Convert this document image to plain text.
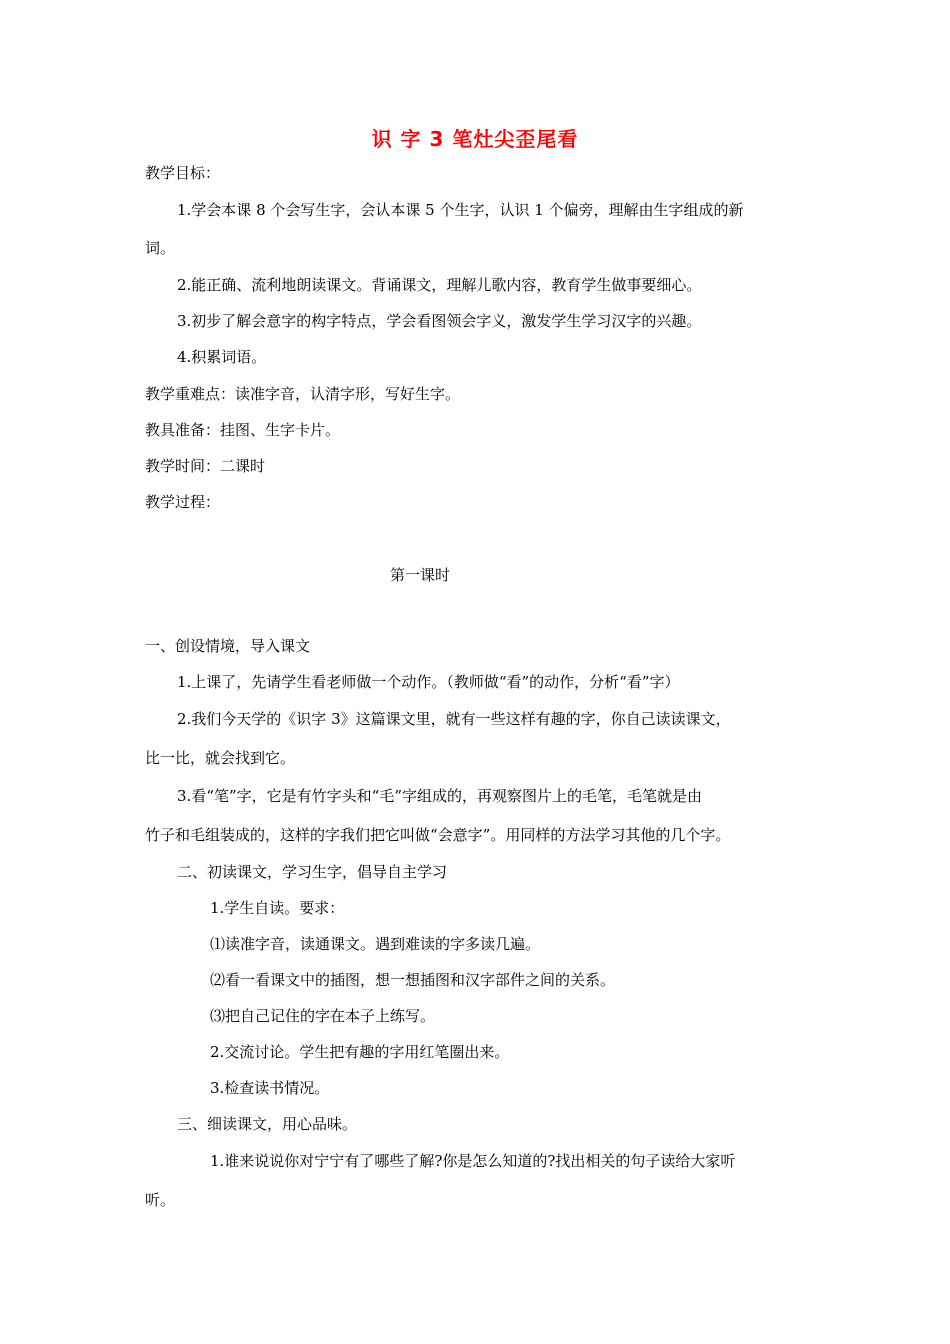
识 字 3 笔灶尖歪尾看
教学目标：
1.学会本课 8 个会写生字，会认本课 5 个生字，认识 1 个偏旁，理解由生字组成的新
词。
2.能正确、流利地朗读课文。背诵课文，理解儿歌内容，教育学生做事要细心。
3.初步了解会意字的构字特点，学会看图领会字义，激发学生学习汉字的兴趣。
4.积累词语。
教学重难点：读准字音，认清字形，写好生字。
教具准备：挂图、生字卡片。
教学时间：二课时
教学过程：
第一课时
一、创设情境，导入课文
1.上课了，先请学生看老师做一个动作。（教师做“看”的动作，分析“看”字）
2.我们今天学的《识字 3》这篇课文里，就有一些这样有趣的字，你自己读读课文，
比一比，就会找到它。
3.看“笔”字，它是有竹字头和“毛”字组成的，再观察图片上的毛笔，毛笔就是由
竹子和毛组装成的，这样的字我们把它叫做“会意字”。用同样的方法学习其他的几个字。
二、初读课文，学习生字，倡导自主学习
1.学生自读。要求：
⑴读准字音，读通课文。遇到难读的字多读几遍。
⑵看一看课文中的插图，想一想插图和汉字部件之间的关系。
⑶把自己记住的字在本子上练写。
2.交流讨论。学生把有趣的字用红笔圈出来。
3.检查读书情况。
三、细读课文，用心品味。
1.谁来说说你对宁宁有了哪些了解?你是怎么知道的?找出相关的句子读给大家听
听。
